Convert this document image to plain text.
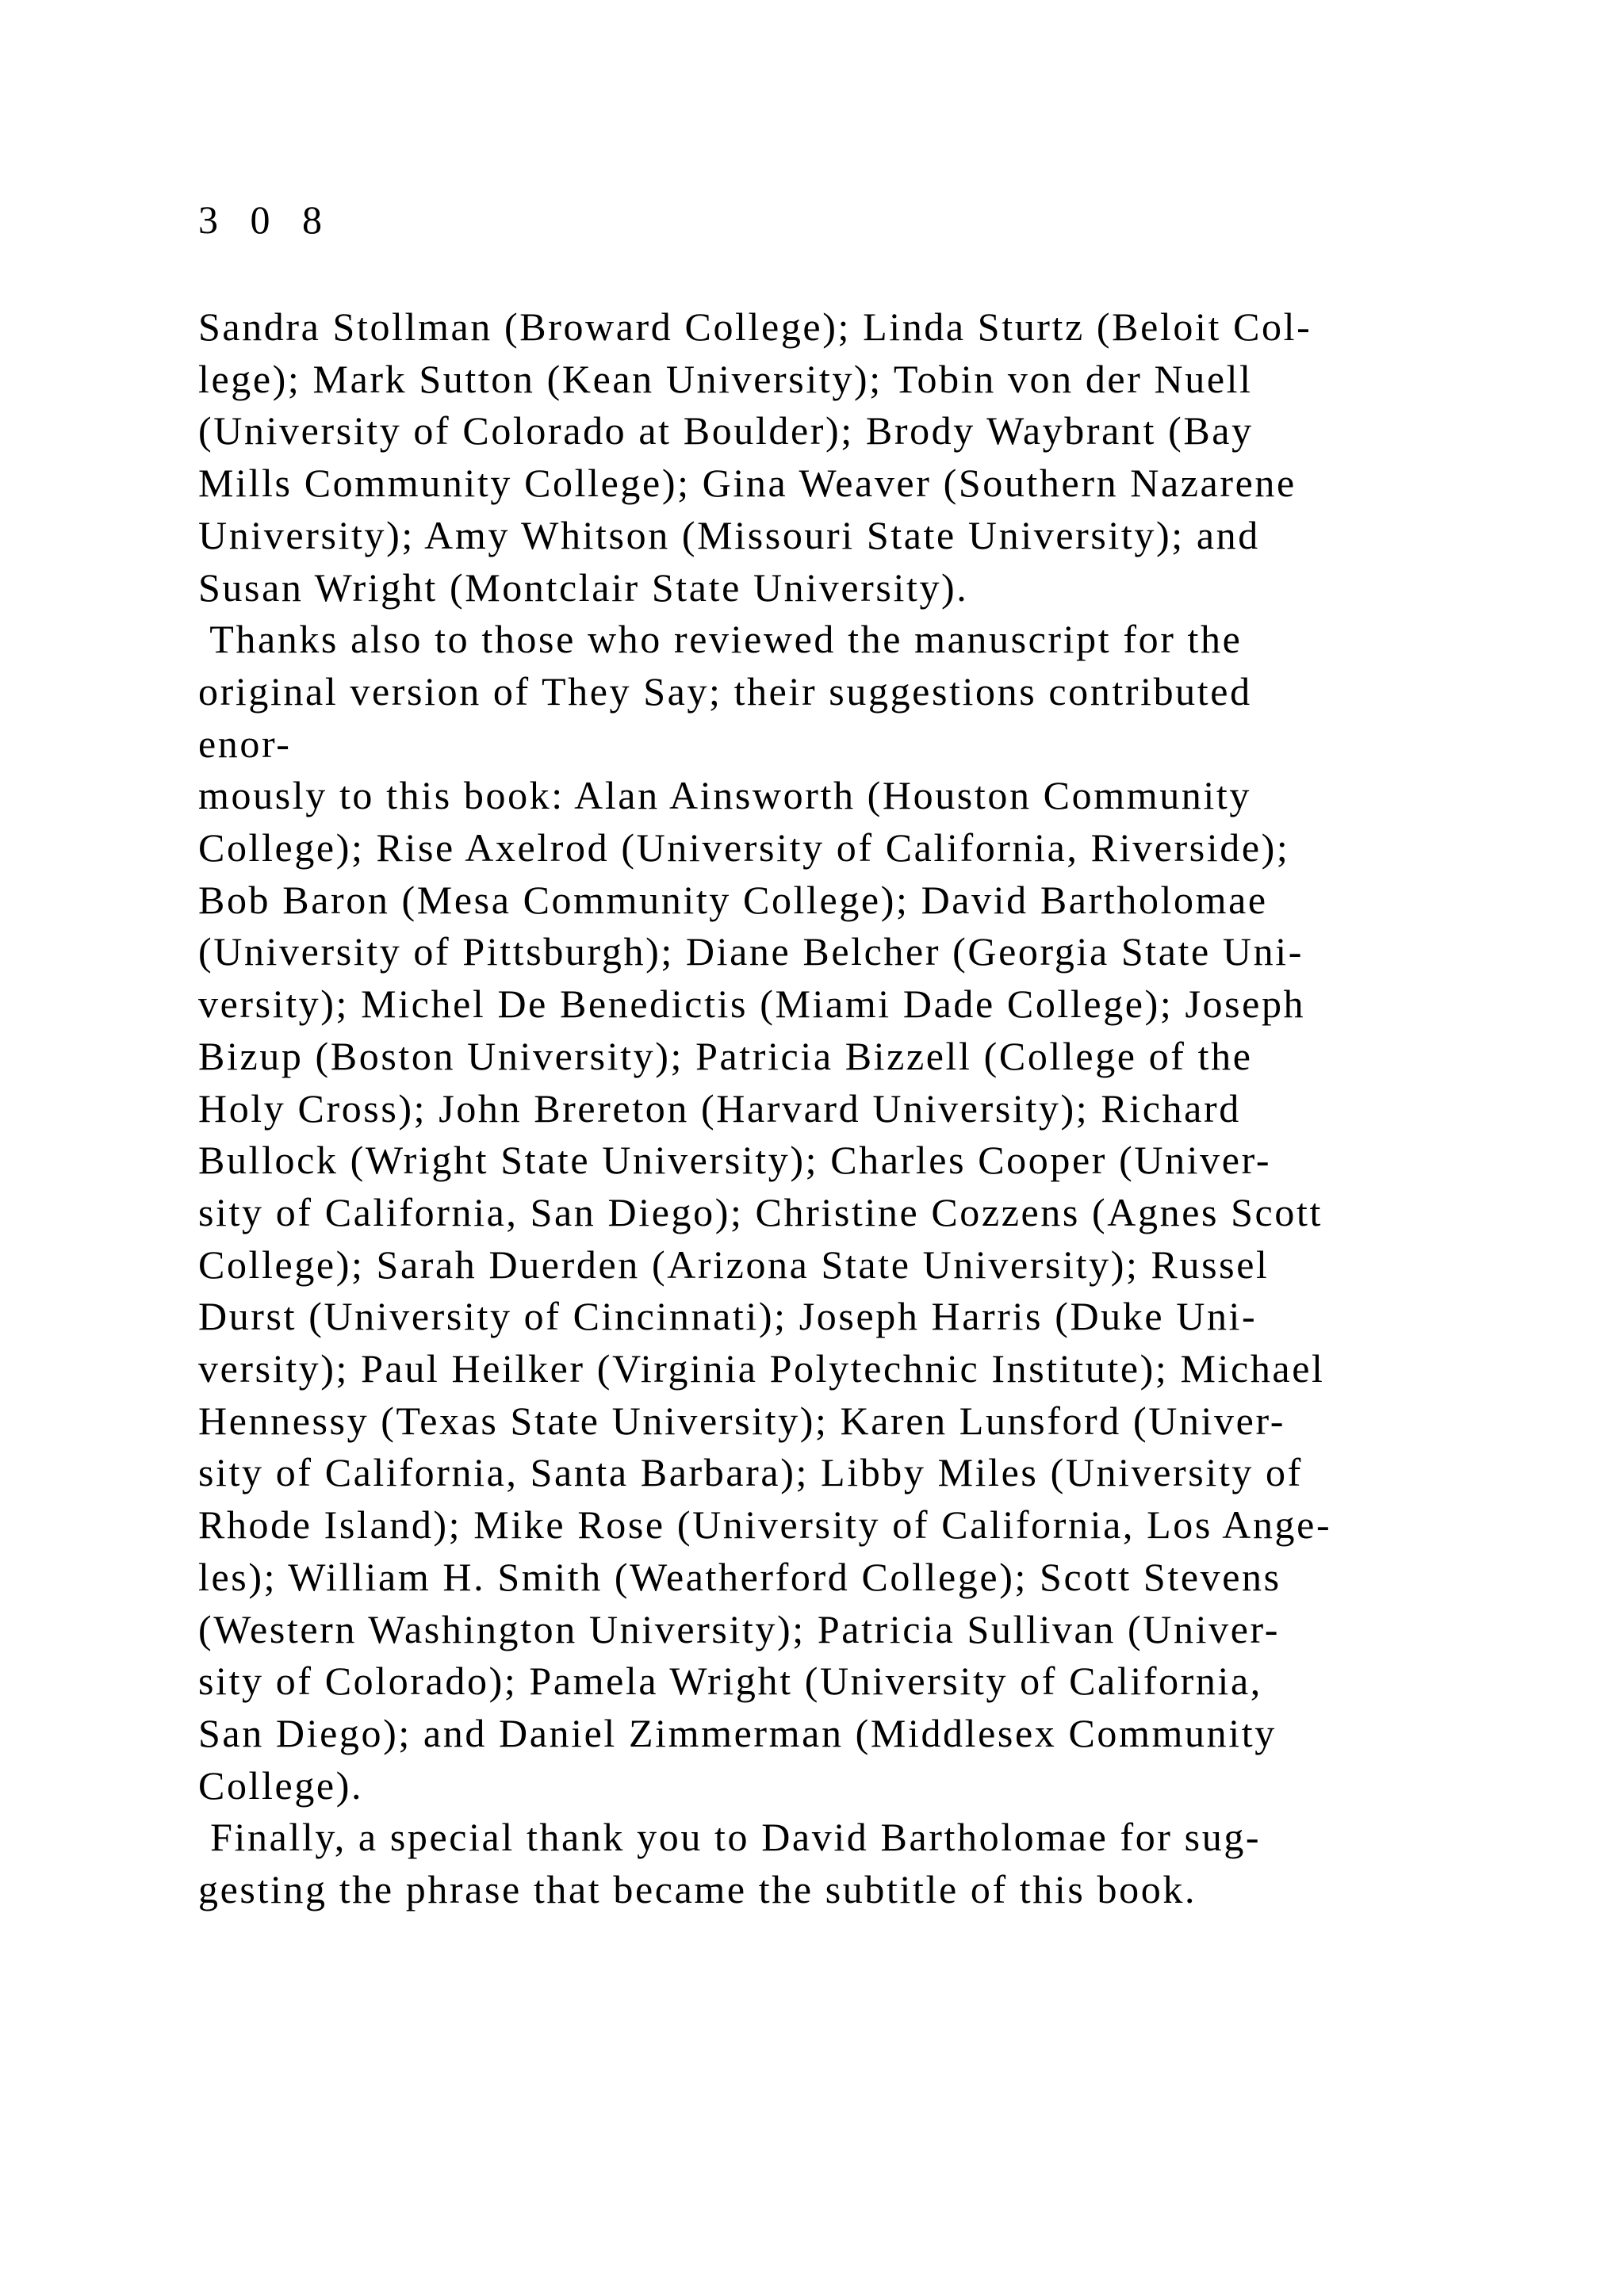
3 0 8

Sandra Stollman (Broward College); Linda Sturtz (Beloit Col-
lege); Mark Sutton (Kean University); Tobin von der Nuell
(University of Colorado at Boulder); Brody Waybrant (Bay
Mills Community College); Gina Weaver (Southern Nazarene
University); Amy Whitson (Missouri State University); and
Susan Wright (Montclair State University).
Thanks also to those who reviewed the manuscript for the
original version of They Say; their suggestions contributed
enor-
mously to this book: Alan Ainsworth (Houston Community
College); Rise Axelrod (University of California, Riverside);
Bob Baron (Mesa Community College); David Bartholomae
(University of Pittsburgh); Diane Belcher (Georgia State Uni-
versity); Michel De Benedictis (Miami Dade College); Joseph
Bizup (Boston University); Patricia Bizzell (College of the
Holy Cross); John Brereton (Harvard University); Richard
Bullock (Wright State University); Charles Cooper (Univer-
sity of California, San Diego); Christine Cozzens (Agnes Scott
College); Sarah Duerden (Arizona State University); Russel
Durst (University of Cincinnati); Joseph Harris (Duke Uni-
versity); Paul Heilker (Virginia Polytechnic Institute); Michael
Hennessy (Texas State University); Karen Lunsford (Univer-
sity of California, Santa Barbara); Libby Miles (University of
Rhode Island); Mike Rose (University of California, Los Ange-
les); William H. Smith (Weatherford College); Scott Stevens
(Western Washington University); Patricia Sullivan (Univer-
sity of Colorado); Pamela Wright (University of California,
San Diego); and Daniel Zimmerman (Middlesex Community
College).
Finally, a special thank you to David Bartholomae for sug-
gesting the phrase that became the subtitle of this book.
